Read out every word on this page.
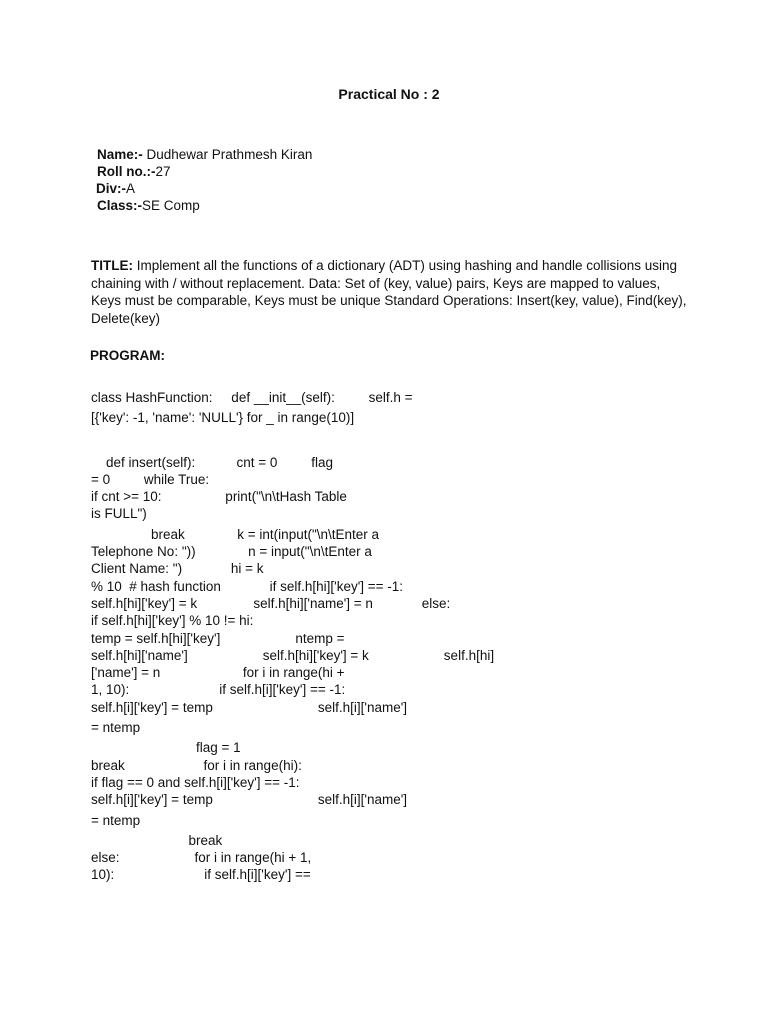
Practical No : 2
Name:- Dudhewar Prathmesh Kiran
Roll no.:-27
Div:-A
Class:-SE Comp
TITLE: Implement all the functions of a dictionary (ADT) using hashing and handle collisions using chaining with / without replacement. Data: Set of (key, value) pairs, Keys are mapped to values, Keys must be comparable, Keys must be unique Standard Operations: Insert(key, value), Find(key), Delete(key)
PROGRAM:
class HashFunction:     def __init__(self):         self.h =
[{'key': -1, 'name': 'NULL'} for _ in range(10)]
def insert(self):           cnt = 0         flag
= 0         while True:
if cnt >= 10:                 print("\n\tHash Table
is FULL")
break              k = int(input("\n\tEnter a
Telephone No: "))              n = input("\n\tEnter a
Client Name: ")             hi = k
% 10  # hash function             if self.h[hi]['key'] == -1:
self.h[hi]['key'] = k               self.h[hi]['name'] = n             else:
if self.h[hi]['key'] % 10 != hi:
temp = self.h[hi]['key']                    ntemp =
self.h[hi]['name']                    self.h[hi]['key'] = k                    self.h[hi]
['name'] = n                      for i in range(hi +
1, 10):                        if self.h[i]['key'] == -1:
self.h[i]['key'] = temp                            self.h[i]['name']
= ntemp
flag = 1
break                     for i in range(hi):
if flag == 0 and self.h[i]['key'] == -1:
self.h[i]['key'] = temp                            self.h[i]['name']
= ntemp
break
else:                    for i in range(hi + 1,
10):                        if self.h[i]['key'] ==
